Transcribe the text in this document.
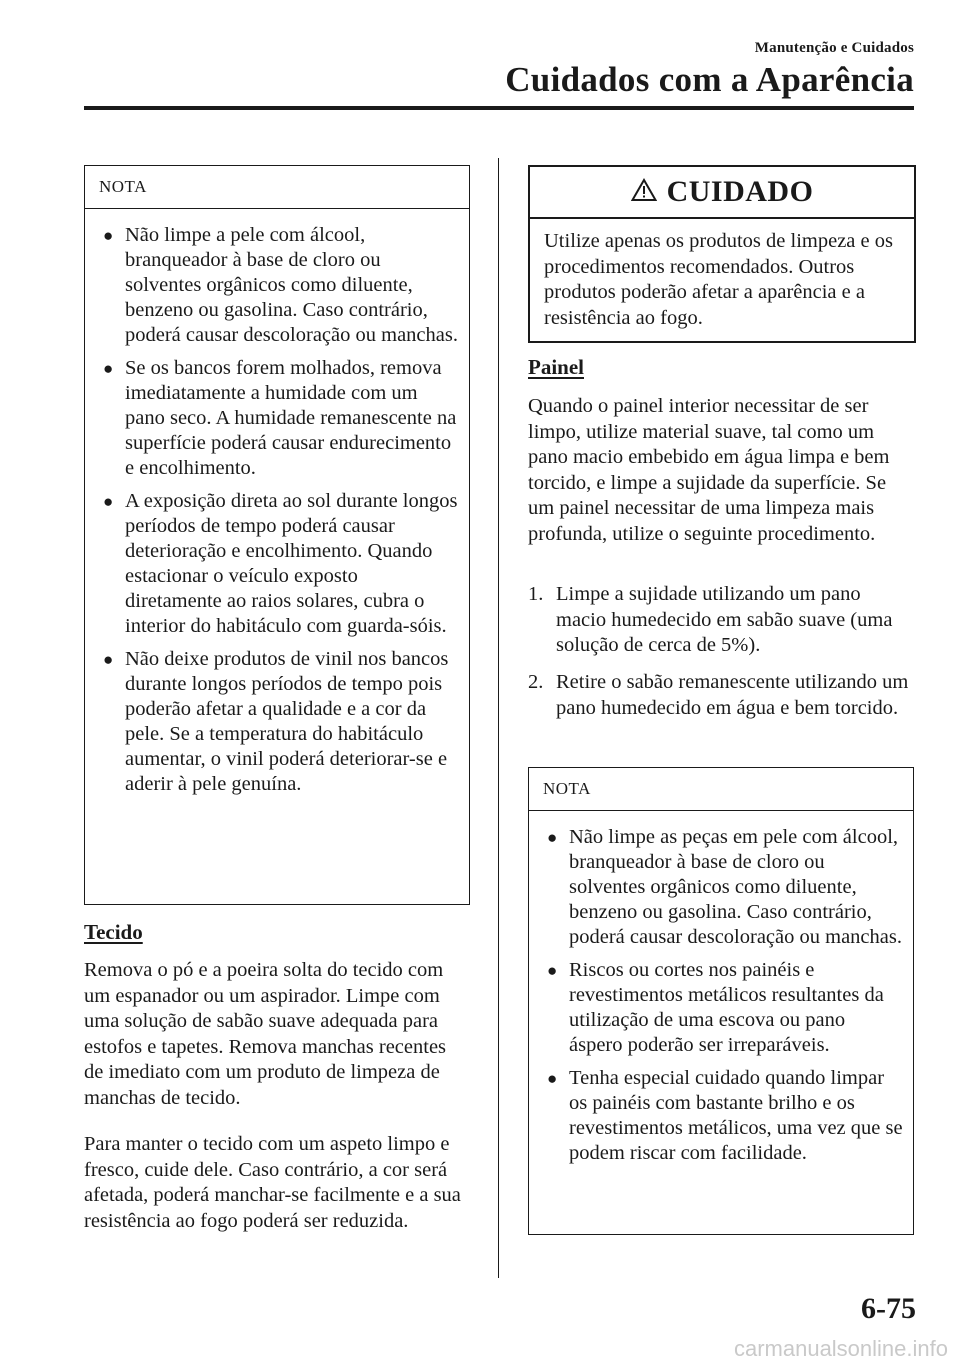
Manutenção e Cuidados
Cuidados com a Aparência
NOTA
● Não limpe a pele com álcool, branqueador à base de cloro ou solventes orgânicos como diluente, benzeno ou gasolina. Caso contrário, poderá causar descoloração ou manchas.
● Se os bancos forem molhados, remova imediatamente a humidade com um pano seco. A humidade remanescente na superfície poderá causar endurecimento e encolhimento.
● A exposição direta ao sol durante longos períodos de tempo poderá causar deterioração e encolhimento. Quando estacionar o veículo exposto diretamente ao raios solares, cubra o interior do habitáculo com guarda-sóis.
● Não deixe produtos de vinil nos bancos durante longos períodos de tempo pois poderão afetar a qualidade e a cor da pele. Se a temperatura do habitáculo aumentar, o vinil poderá deteriorar-se e aderir à pele genuína.
Tecido

Remova o pó e a poeira solta do tecido com um espanador ou um aspirador. Limpe com uma solução de sabão suave adequada para estofos e tapetes. Remova manchas recentes de imediato com um produto de limpeza de manchas de tecido.

Para manter o tecido com um aspeto limpo e fresco, cuide dele. Caso contrário, a cor será afetada, poderá manchar-se facilmente e a sua resistência ao fogo poderá ser reduzida.

CUIDADO
Utilize apenas os produtos de limpeza e os procedimentos recomendados. Outros produtos poderão afetar a aparência e a resistência ao fogo.
Painel

Quando o painel interior necessitar de ser limpo, utilize material suave, tal como um pano macio embebido em água limpa e bem torcido, e limpe a sujidade da superfície. Se um painel necessitar de uma limpeza mais profunda, utilize o seguinte procedimento.

1. Limpe a sujidade utilizando um pano macio humedecido em sabão suave (uma solução de cerca de 5%).
2. Retire o sabão remanescente utilizando um pano humedecido em água e bem torcido.
NOTA
● Não limpe as peças em pele com álcool, branqueador à base de cloro ou solventes orgânicos como diluente, benzeno ou gasolina. Caso contrário, poderá causar descoloração ou manchas.
● Riscos ou cortes nos painéis e revestimentos metálicos resultantes da utilização de uma escova ou pano áspero poderão ser irreparáveis.
● Tenha especial cuidado quando limpar os painéis com bastante brilho e os revestimentos metálicos, uma vez que se podem riscar com facilidade.
6-75
carmanualsonline.info
